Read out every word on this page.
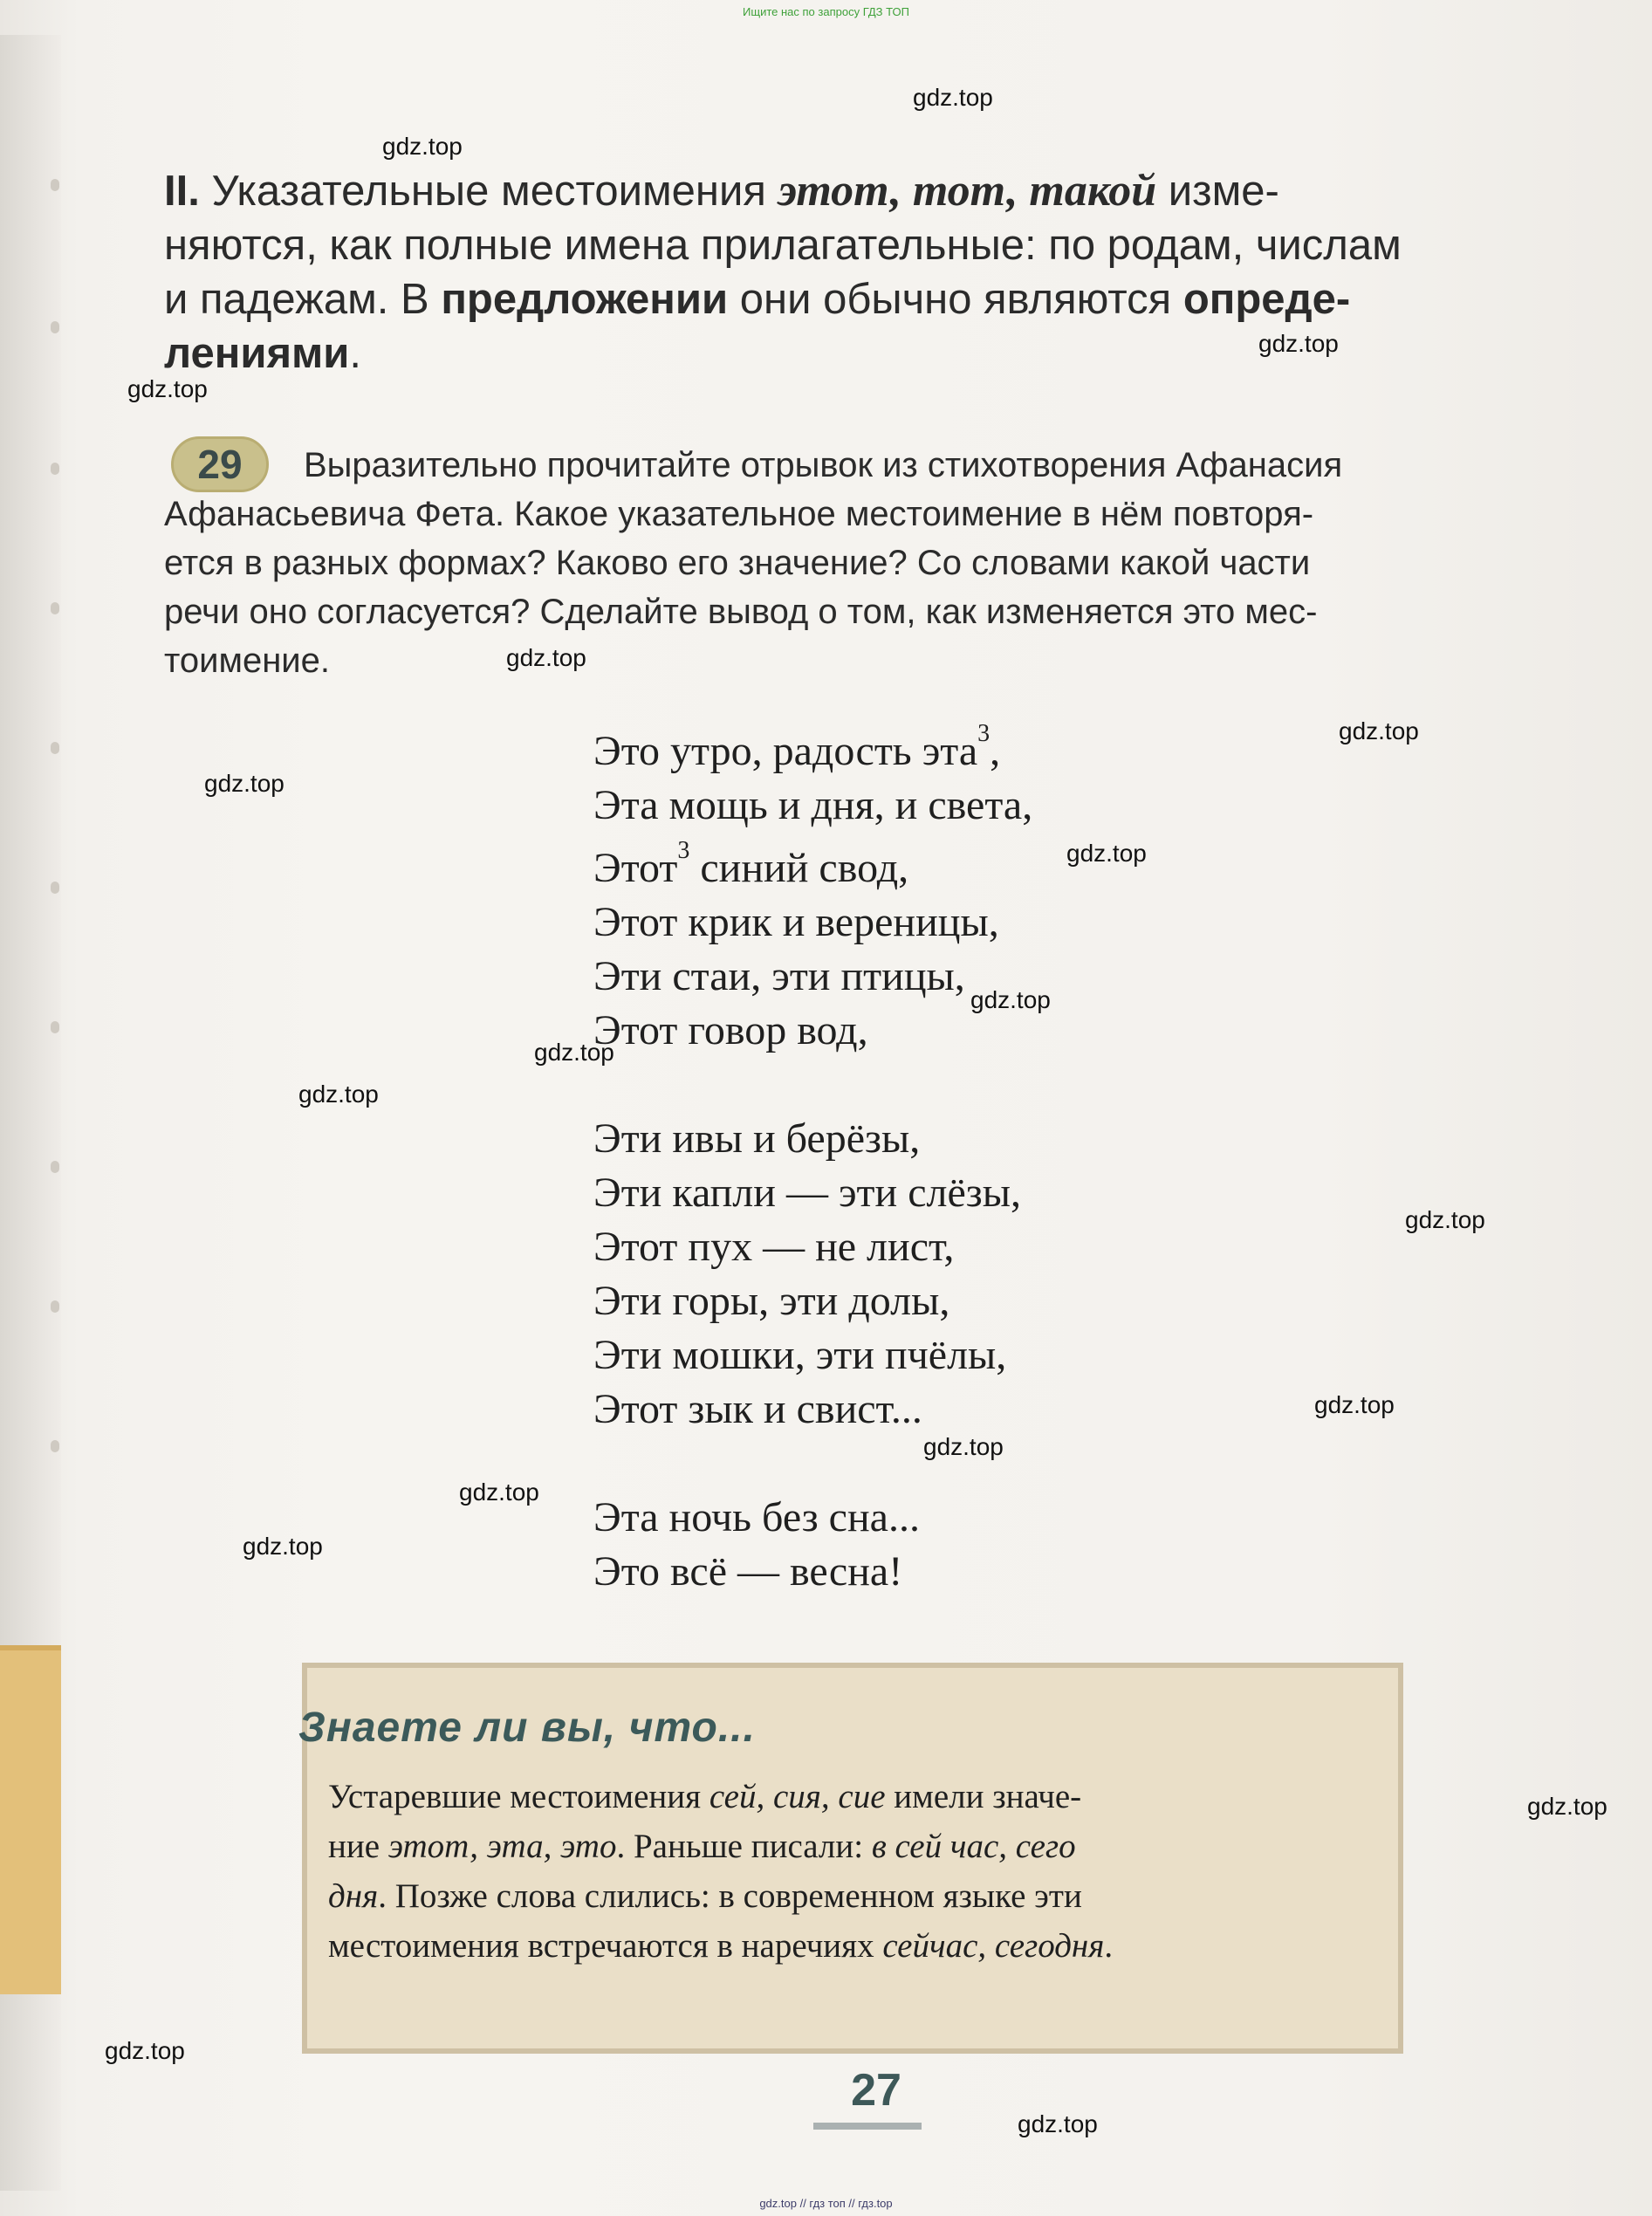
Ищите нас по запросу ГДЗ ТОП
gdz.top
gdz.top
gdz.top
gdz.top
gdz.top
gdz.top
gdz.top
gdz.top
gdz.top
gdz.top
gdz.top
gdz.top
gdz.top
gdz.top
gdz.top
gdz.top
gdz.top
gdz.top
gdz.top
II. Указательные местоимения этот, тот, такой изме-
няются, как полные имена прилагательные: по родам, числам
и падежам. В предложении они обычно являются опреде-
лениями.
29	Выразительно прочитайте отрывок из стихотворения Афанасия
Афанасьевича Фета. Какое указательное местоимение в нём повторя-
ется в разных формах? Каково его значение? Со словами какой части
речи оно согласуется? Сделайте вывод о том, как изменяется это мес-
тоимение.
Это утро, радость эта$^3$,
Эта мощь и дня, и света,
Этот$^3$ синий свод,
Этот крик и вереницы,
Эти стаи, эти птицы,
Этот говор вод,
Эти ивы и берёзы,
Эти капли — эти слёзы,
Этот пух — не лист,
Эти горы, эти долы,
Эти мошки, эти пчёлы,
Этот зык и свист...
Эта ночь без сна...
Это всё — весна!
Знаете ли вы, что...
Устаревшие местоимения сей, сия, сие имели значе-
ние этот, эта, это. Раньше писали: в сей час, сего
дня. Позже слова слились: в современном языке эти
местоимения встречаются в наречиях сейчас, сегодня.
27
gdz.top // гдз топ // гдз.top
